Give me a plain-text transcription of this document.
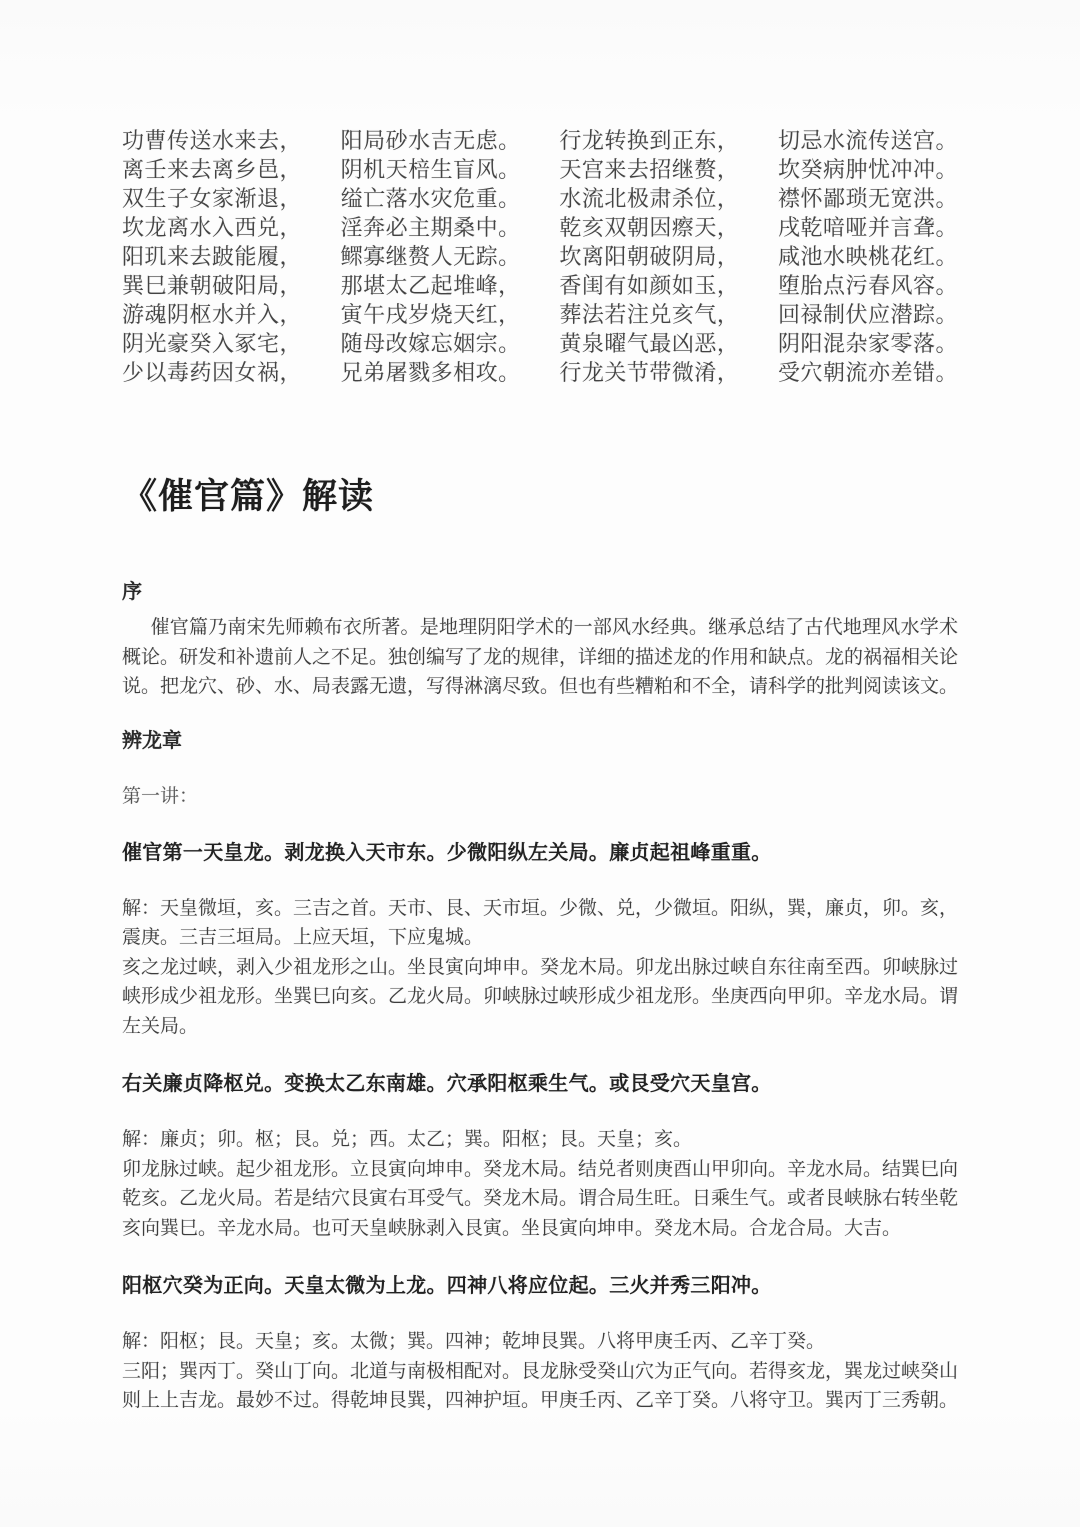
功曹传送水来去， 阳局砂水吉无虑。 行龙转换到正东， 切忌水流传送宫。
离壬来去离乡邑， 阴机天棓生盲风。 天宫来去招继赘， 坎癸病肿忧冲冲。
双生子女家渐退， 缢亡落水灾危重。 水流北极肃杀位， 襟怀鄙琐无宽洪。
坎龙离水入西兑， 淫奔必主期桑中。 乾亥双朝因瘵天， 戌乾喑哑并言聋。
阳玑来去跛能履， 鳏寡继赘人无踪。 坎离阳朝破阴局， 咸池水映桃花红。
巽巳兼朝破阳局， 那堪太乙起堆峰， 香闺有如颜如玉， 堕胎点污春风容。
游魂阴枢水并入， 寅午戌岁烧天红， 葬法若注兑亥气， 回禄制伏应潜踪。
阴光豪癸入冢宅， 随母改嫁忘姻宗。 黄泉曜气最凶恶， 阴阳混杂家零落。
少以毒药因女祸， 兄弟屠戮多相攻。 行龙关节带微淆， 受穴朝流亦差错。
《催官篇》解读
序

催官篇乃南宋先师赖布衣所著。是地理阴阳学术的一部风水经典。继承总结了古代地理风水学术概论。研发和补遗前人之不足。独创编写了龙的规律，详细的描述龙的作用和缺点。龙的祸福相关论说。把龙穴、砂、水、局表露无遗，写得淋漓尽致。但也有些糟粕和不全，请科学的批判阅读该文。

辨龙章

第一讲：

催官第一天皇龙。剥龙换入天市东。少微阳纵左关局。廉贞起祖峰重重。

解：天皇微垣，亥。三吉之首。天市、艮、天市垣。少微、兑，少微垣。阳纵，巽，廉贞，卯。亥，震庚。三吉三垣局。上应天垣，下应鬼城。

亥之龙过峡，剥入少祖龙形之山。坐艮寅向坤申。癸龙木局。卯龙出脉过峡自东往南至西。卯峡脉过峡形成少祖龙形。坐巽巳向亥。乙龙火局。卯峡脉过峡形成少祖龙形。坐庚西向甲卯。辛龙水局。谓左关局。

右关廉贞降枢兑。变换太乙东南雄。穴承阳枢乘生气。或艮受穴天皇宫。

解：廉贞；卯。枢；艮。兑；西。太乙；巽。阳枢；艮。天皇；亥。

卯龙脉过峡。起少祖龙形。立艮寅向坤申。癸龙木局。结兑者则庚酉山甲卯向。辛龙水局。结巽巳向乾亥。乙龙火局。若是结穴艮寅右耳受气。癸龙木局。谓合局生旺。日乘生气。或者艮峡脉右转坐乾亥向巽巳。辛龙水局。也可天皇峡脉剥入艮寅。坐艮寅向坤申。癸龙木局。合龙合局。大吉。

阳枢穴癸为正向。天皇太微为上龙。四神八将应位起。三火并秀三阳冲。

解：阳枢；艮。天皇；亥。太微；巽。四神；乾坤艮巽。八将甲庚壬丙、乙辛丁癸。

三阳；巽丙丁。癸山丁向。北道与南极相配对。艮龙脉受癸山穴为正气向。若得亥龙，巽龙过峡癸山则上上吉龙。最妙不过。得乾坤艮巽，四神护垣。甲庚壬丙、乙辛丁癸。八将守卫。巽丙丁三秀朝。
